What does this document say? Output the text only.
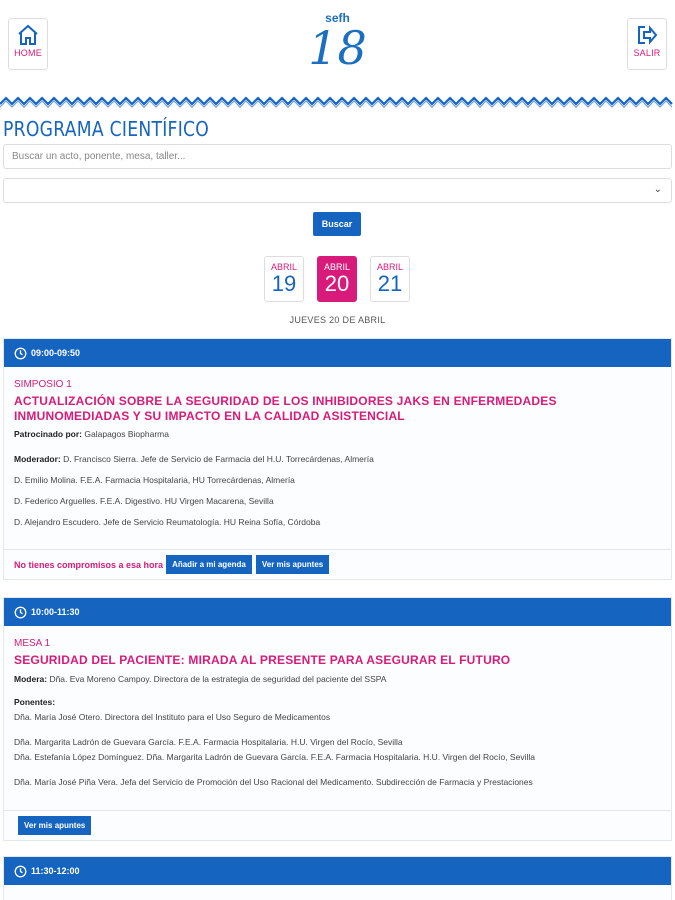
HOME
sefh
18	SALIR
PROGRAMA CIENTÍFICO
Buscar un acto, ponente, mesa, taller...
⌄
Buscar
ABRIL
19
ABRIL
20
ABRIL
21
JUEVES 20 DE ABRIL
09:00-09:50
SIMPOSIO 1
ACTUALIZACIÓN SOBRE LA SEGURIDAD DE LOS INHIBIDORES JAKS EN ENFERMEDADES INMUNOMEDIADAS Y SU IMPACTO EN LA CALIDAD ASISTENCIAL
Patrocinado por: Galapagos Biopharma
Moderador: D. Francisco Sierra. Jefe de Servicio de Farmacia del H.U. Torrecárdenas, Almería
D. Emilio Molina. F.E.A. Farmacia Hospitalaria, HU Torrecárdenas, Almería
D. Federico Arguelles. F.E.A. Digestivo. HU Virgen Macarena, Sevilla
D. Alejandro Escudero. Jefe de Servicio Reumatología. HU Reina Sofía, Córdoba
No tienes compromisos a esa hora	Añadir a mi agenda	Ver mis apuntes
10:00-11:30
MESA 1
SEGURIDAD DEL PACIENTE: MIRADA AL PRESENTE PARA ASEGURAR EL FUTURO
Modera: Dña. Eva Moreno Campoy. Directora de la estrategia de seguridad del paciente del SSPA
Ponentes:
Dña. María José Otero. Directora del Instituto para el Uso Seguro de Medicamentos
Dña. Margarita Ladrón de Guevara García. F.E.A. Farmacia Hospitalaria. H.U. Virgen del Rocío, Sevilla
Dña. Estefanía López Domínguez. Dña. Margarita Ladrón de Guevara García. F.E.A. Farmacia Hospitalaria. H.U. Virgen del Rocío, Sevilla
Dña. María José Piña Vera. Jefa del Servicio de Promoción del Uso Racional del Medicamento. Subdirección de Farmacia y Prestaciones
Ver mis apuntes
11:30-12:00
